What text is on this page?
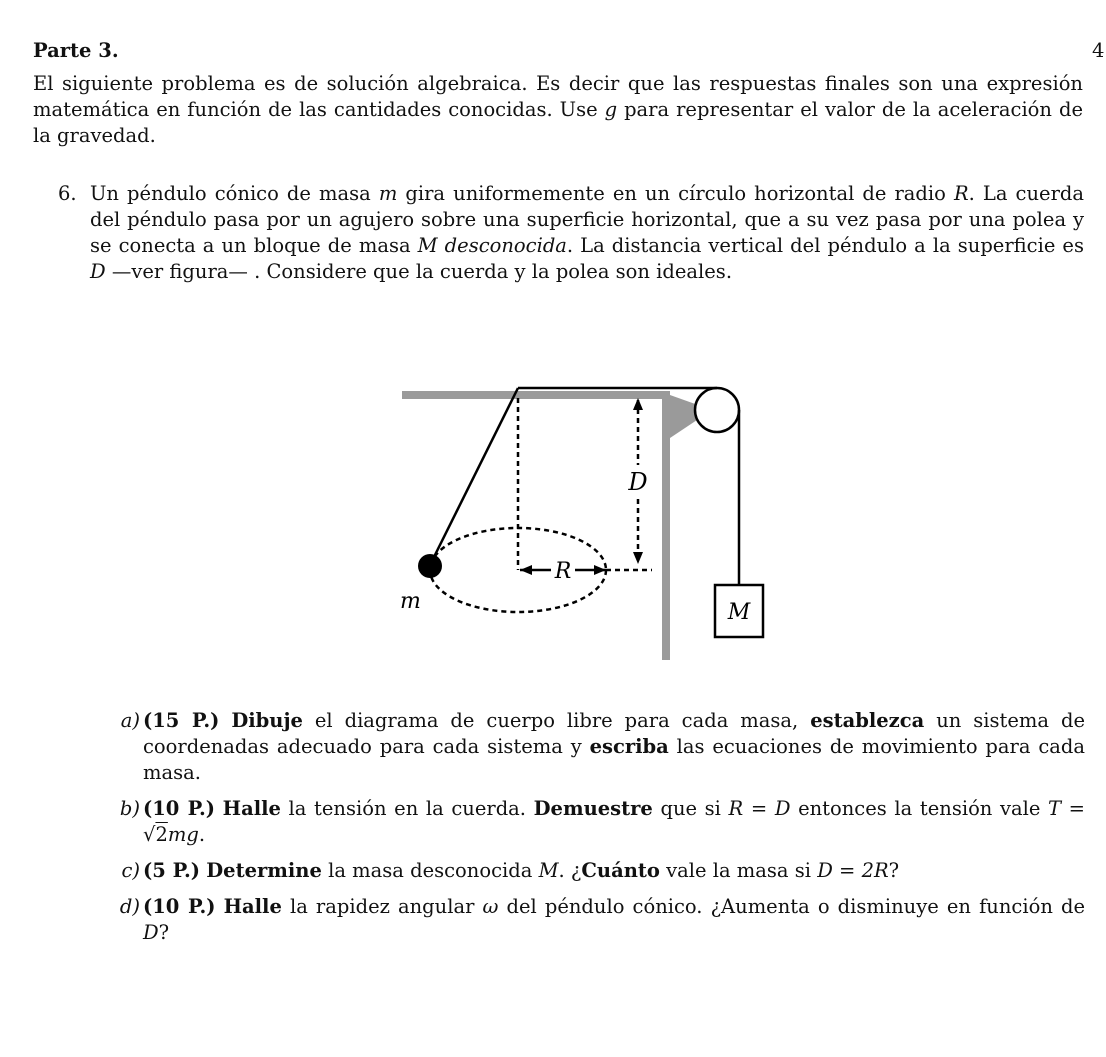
4
Parte 3.
El siguiente problema es de solución algebraica. Es decir que las respuestas finales son una expresión matemática en función de las cantidades conocidas. Use g para representar el valor de la aceleración de la gravedad.
6. Un péndulo cónico de masa m gira uniformemente en un círculo horizontal de radio R. La cuerda del péndulo pasa por un agujero sobre una superficie horizontal, que a su vez pasa por una polea y se conecta a un bloque de masa M desconocida. La distancia vertical del péndulo a la superficie es D —ver figura— . Considere que la cuerda y la polea son ideales.
D
R
m	M
a) (15 P.) Dibuje el diagrama de cuerpo libre para cada masa, establezca un sistema de coordenadas adecuado para cada sistema y escriba las ecuaciones de movimiento para cada masa.
b) (10 P.) Halle la tensión en la cuerda. Demuestre que si R = D entonces la tensión vale T = √2mg.
c) (5 P.) Determine la masa desconocida M. ¿Cuánto vale la masa si D = 2R?
d) (10 P.) Halle la rapidez angular ω del péndulo cónico. ¿Aumenta o disminuye en función de D?
